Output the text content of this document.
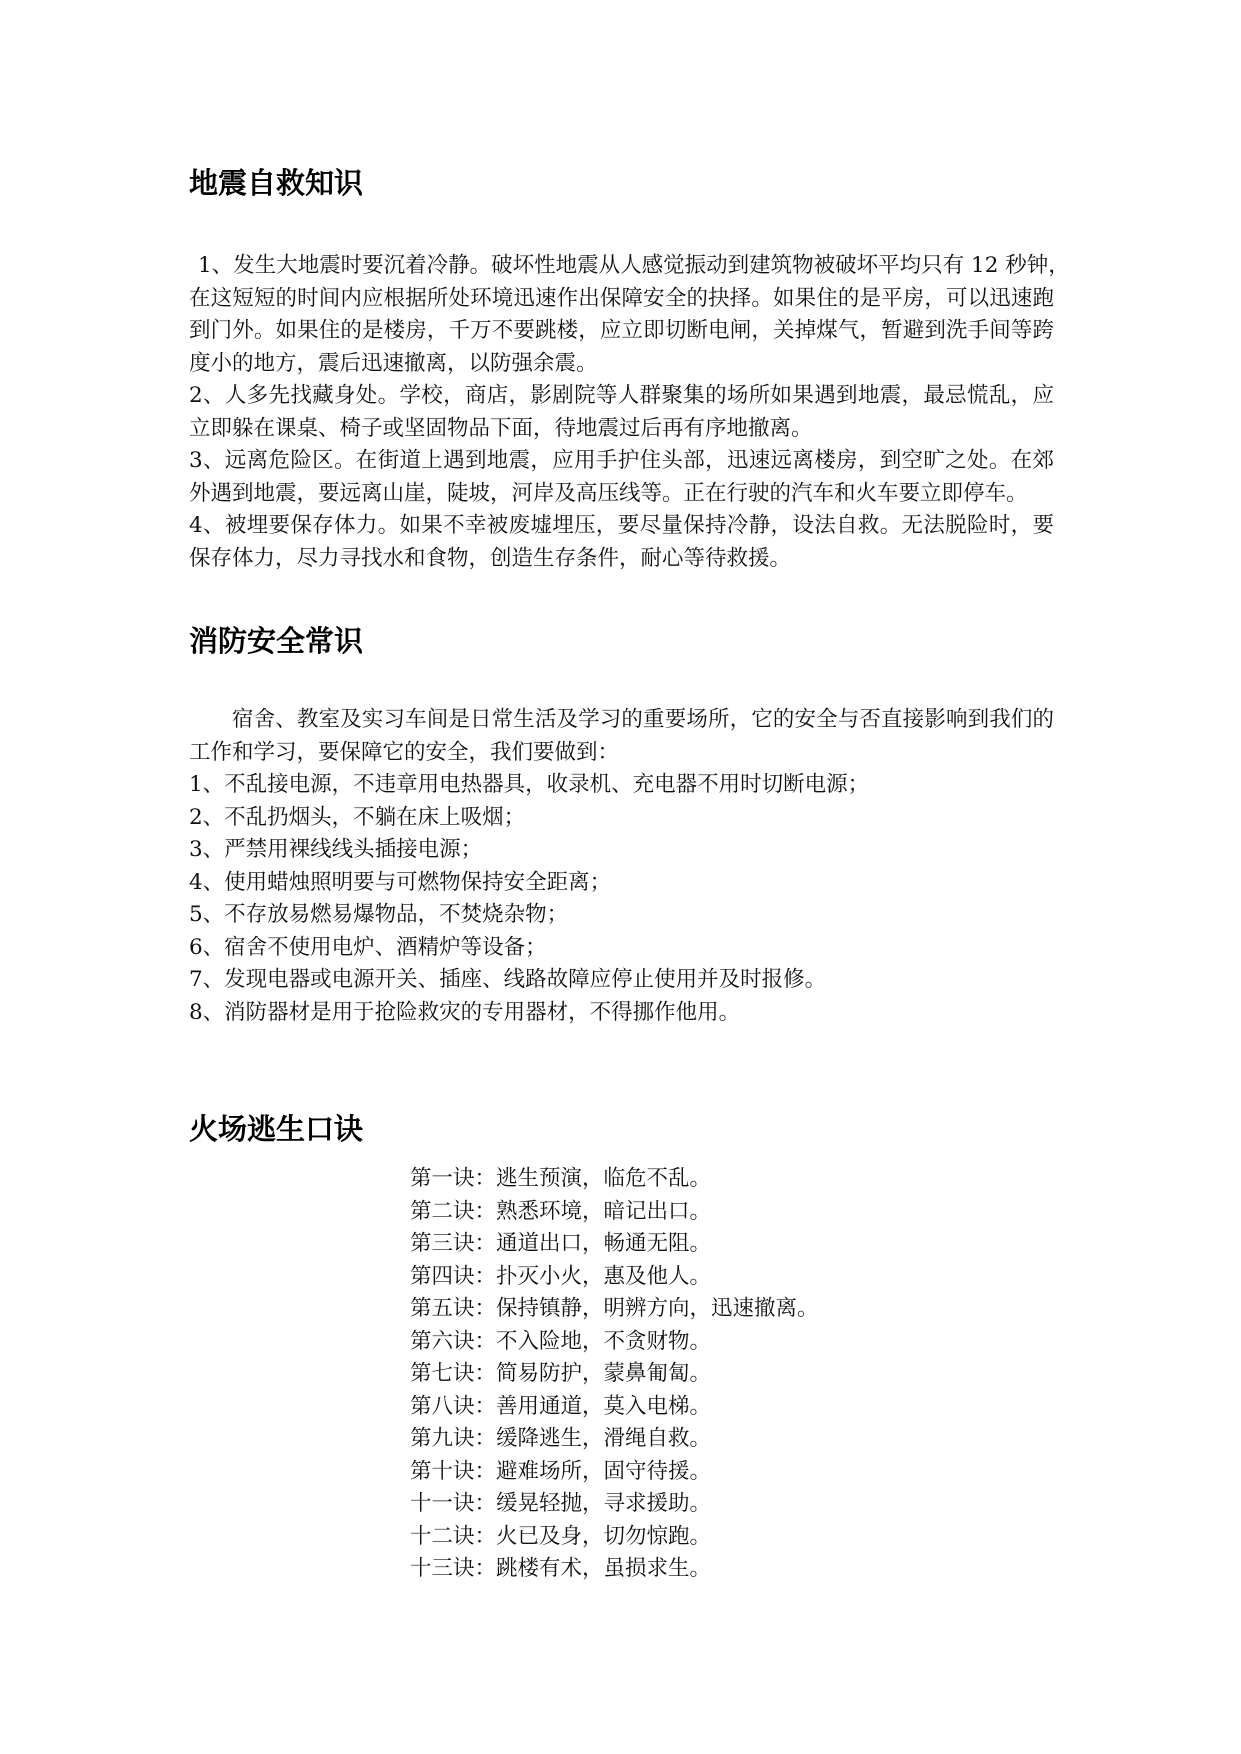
地震自救知识
1、发生大地震时要沉着冷静。破坏性地震从人感觉振动到建筑物被破坏平均只有 12 秒钟，
在这短短的时间内应根据所处环境迅速作出保障安全的抉择。如果住的是平房，可以迅速跑
到门外。如果住的是楼房，千万不要跳楼，应立即切断电闸，关掉煤气，暂避到洗手间等跨
度小的地方，震后迅速撤离，以防强余震。
2、人多先找藏身处。学校，商店，影剧院等人群聚集的场所如果遇到地震，最忌慌乱，应
立即躲在课桌、椅子或坚固物品下面，待地震过后再有序地撤离。
3、远离危险区。在街道上遇到地震，应用手护住头部，迅速远离楼房，到空旷之处。在郊
外遇到地震，要远离山崖，陡坡，河岸及高压线等。正在行驶的汽车和火车要立即停车。
4、被埋要保存体力。如果不幸被废墟埋压，要尽量保持冷静，设法自救。无法脱险时，要
保存体力，尽力寻找水和食物，创造生存条件，耐心等待救援。
消防安全常识
宿舍、教室及实习车间是日常生活及学习的重要场所，它的安全与否直接影响到我们的
工作和学习，要保障它的安全，我们要做到：
1、不乱接电源，不违章用电热器具，收录机、充电器不用时切断电源；
2、不乱扔烟头，不躺在床上吸烟；
3、严禁用裸线线头插接电源；
4、使用蜡烛照明要与可燃物保持安全距离；
5、不存放易燃易爆物品，不焚烧杂物；
6、宿舍不使用电炉、酒精炉等设备；
7、发现电器或电源开关、插座、线路故障应停止使用并及时报修。
8、消防器材是用于抢险救灾的专用器材，不得挪作他用。
火场逃生口诀
第一诀：逃生预演，临危不乱。
第二诀：熟悉环境，暗记出口。
第三诀：通道出口，畅通无阻。
第四诀：扑灭小火，惠及他人。
第五诀：保持镇静，明辨方向，迅速撤离。
第六诀：不入险地，不贪财物。
第七诀：简易防护，蒙鼻匍匐。
第八诀：善用通道，莫入电梯。
第九诀：缓降逃生，滑绳自救。
第十诀：避难场所，固守待援。
十一诀：缓晃轻抛，寻求援助。
十二诀：火已及身，切勿惊跑。
十三诀：跳楼有术，虽损求生。
